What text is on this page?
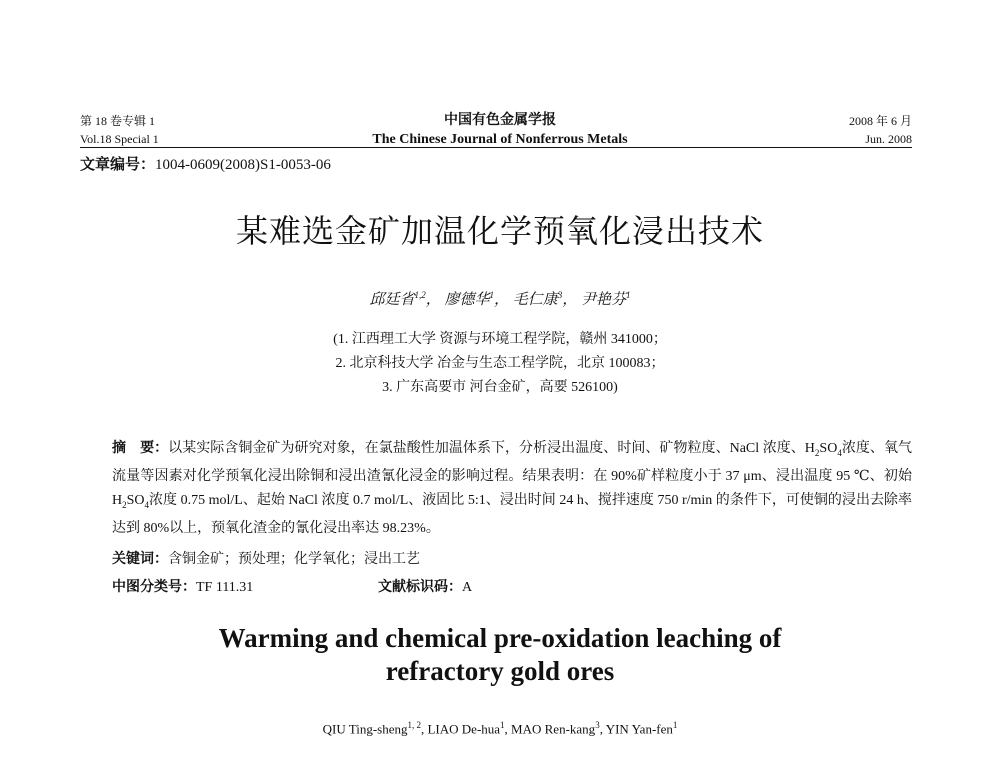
第 18 卷专辑 1
Vol.18 Special 1
中国有色金属学报
The Chinese Journal of Nonferrous Metals
2008 年 6 月
Jun. 2008
文章编号：1004-0609(2008)S1-0053-06
某难选金矿加温化学预氧化浸出技术
邱廷省$^{1,2}$， 廖德华$^1$， 毛仁康$^3$， 尹艳芬$^1$
(1. 江西理工大学 资源与环境工程学院，赣州 341000；
2. 北京科技大学 冶金与生态工程学院，北京 100083；
3. 广东高要市 河台金矿，高要 526100)
摘　要：以某实际含铜金矿为研究对象，在氯盐酸性加温体系下，分析浸出温度、时间、矿物粒度、NaCl 浓度、$H_2SO_4$浓度、氧气流量等因素对化学预氧化浸出除铜和浸出渣氰化浸金的影响过程。结果表明：在 90%矿样粒度小于 37 μm、浸出温度 95 ℃、初始 $H_2SO_4$浓度 0.75 mol/L、起始 NaCl 浓度 0.7 mol/L、液固比 5:1、浸出时间 24 h、搅拌速度 750 r/min 的条件下，可使铜的浸出去除率达到 80%以上，预氧化渣金的氰化浸出率达 98.23%。
关键词：含铜金矿；预处理；化学氧化；浸出工艺
中图分类号：TF 111.31	文献标识码：A
Warming and chemical pre-oxidation leaching of
refractory gold ores
QIU Ting-sheng$^{1, 2}$, LIAO De-hua$^1$, MAO Ren-kang$^3$, YIN Yan-fen$^1$
